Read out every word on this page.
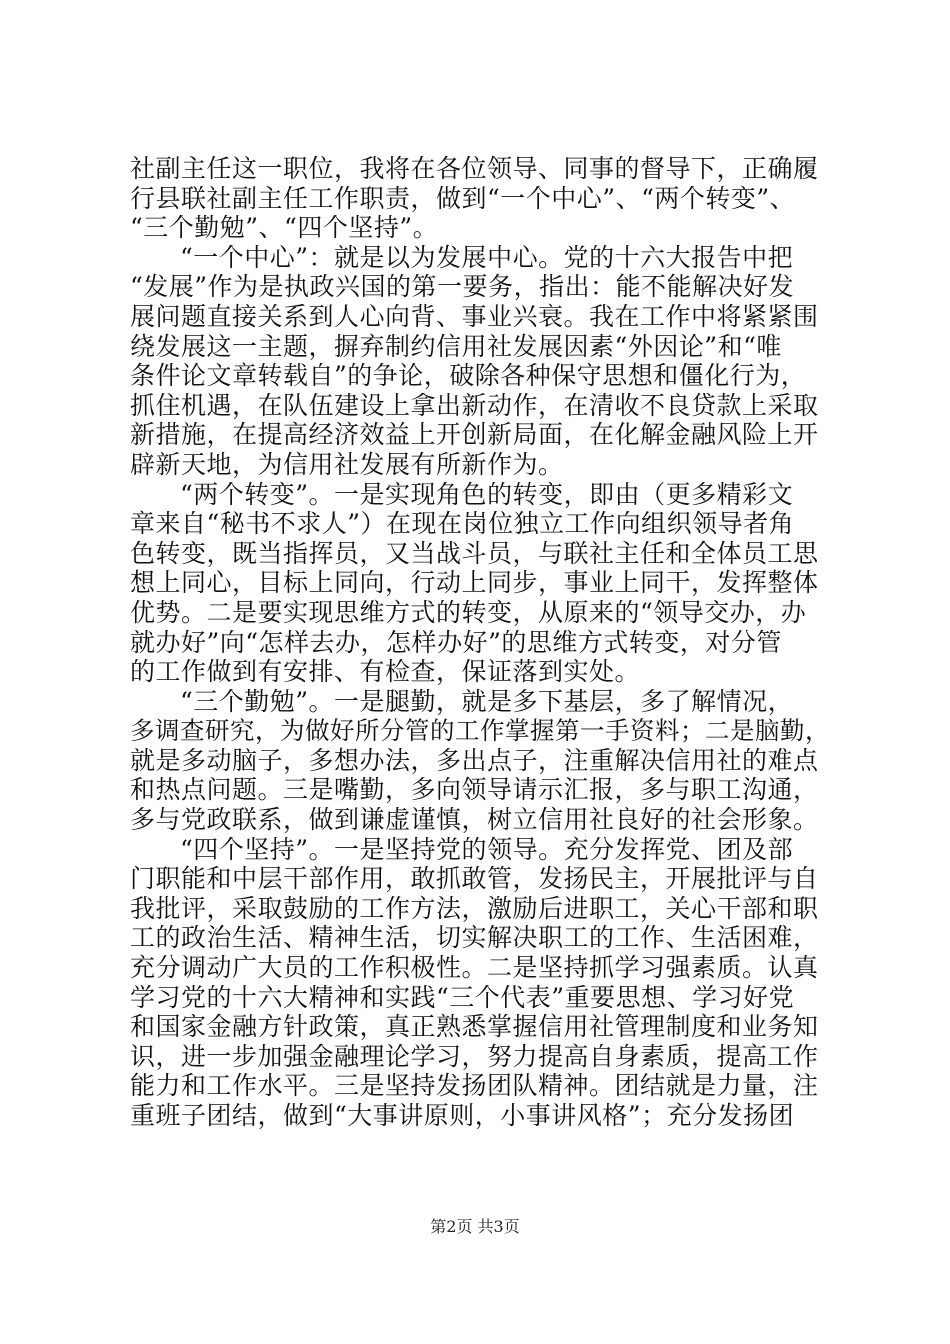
社副主任这一职位，我将在各位领导、同事的督导下，正确履
行县联社副主任工作职责，做到“一个中心”、“两个转变”、
“三个勤勉”、“四个坚持”。
“一个中心”：就是以为发展中心。党的十六大报告中把
“发展”作为是执政兴国的第一要务，指出：能不能解决好发
展问题直接关系到人心向背、事业兴衰。我在工作中将紧紧围
绕发展这一主题，摒弃制约信用社发展因素“外因论”和“唯
条件论文章转载自”的争论，破除各种保守思想和僵化行为，
抓住机遇，在队伍建设上拿出新动作，在清收不良贷款上采取
新措施，在提高经济效益上开创新局面，在化解金融风险上开
辟新天地，为信用社发展有所新作为。
“两个转变”。一是实现角色的转变，即由（更多精彩文
章来自“秘书不求人”）在现在岗位独立工作向组织领导者角
色转变，既当指挥员，又当战斗员，与联社主任和全体员工思
想上同心，目标上同向，行动上同步，事业上同干，发挥整体
优势。二是要实现思维方式的转变，从原来的“领导交办，办
就办好”向“怎样去办，怎样办好”的思维方式转变，对分管
的工作做到有安排、有检查，保证落到实处。
“三个勤勉”。一是腿勤，就是多下基层，多了解情况，
多调查研究，为做好所分管的工作掌握第一手资料；二是脑勤，
就是多动脑子，多想办法，多出点子，注重解决信用社的难点
和热点问题。三是嘴勤，多向领导请示汇报，多与职工沟通，
多与党政联系，做到谦虚谨慎，树立信用社良好的社会形象。
“四个坚持”。一是坚持党的领导。充分发挥党、团及部
门职能和中层干部作用，敢抓敢管，发扬民主，开展批评与自
我批评，采取鼓励的工作方法，激励后进职工，关心干部和职
工的政治生活、精神生活，切实解决职工的工作、生活困难，
充分调动广大员的工作积极性。二是坚持抓学习强素质。认真
学习党的十六大精神和实践“三个代表”重要思想、学习好党
和国家金融方针政策，真正熟悉掌握信用社管理制度和业务知
识，进一步加强金融理论学习，努力提高自身素质，提高工作
能力和工作水平。三是坚持发扬团队精神。团结就是力量，注
重班子团结，做到“大事讲原则，小事讲风格”；充分发扬团
第2页 共3页
